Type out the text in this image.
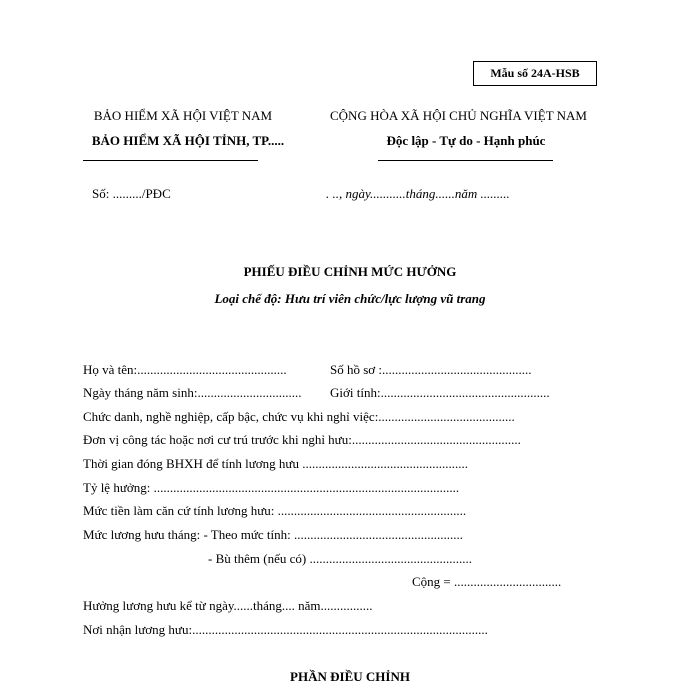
Mẫu số 24A-HSB
BẢO HIỂM XÃ HỘI VIỆT NAM
BẢO HIỂM XÃ HỘI TỈNH, TP.....
CỘNG HÒA XÃ HỘI CHỦ NGHĨA VIỆT NAM
Độc lập - Tự do - Hạnh phúc
Số: ........./PĐC	. .., ngày...........tháng......năm .........
PHIẾU ĐIỀU CHỈNH MỨC HƯỞNG
Loại chế độ: Hưu trí viên chức/lực lượng vũ trang
Họ và tên:..............................................	Số hồ sơ :..............................................
Ngày tháng năm sinh:................................ Giới tính:....................................................
Chức danh, nghề nghiệp, cấp bậc, chức vụ khi nghỉ việc:..........................................
Đơn vị công tác hoặc nơi cư trú trước khi nghỉ hưu:....................................................
Thời gian đóng BHXH để tính lương hưu ...................................................
Tỷ lệ hưởng: ..............................................................................................
Mức tiền làm căn cứ tính lương hưu: ..........................................................
Mức lương hưu tháng: - Theo mức tính: ....................................................
- Bù thêm (nếu có) ..................................................
Cộng = .................................
Hưởng lương hưu kể từ ngày......tháng.... năm................
Nơi nhận lương hưu:...........................................................................................
PHẦN ĐIỀU CHỈNH
